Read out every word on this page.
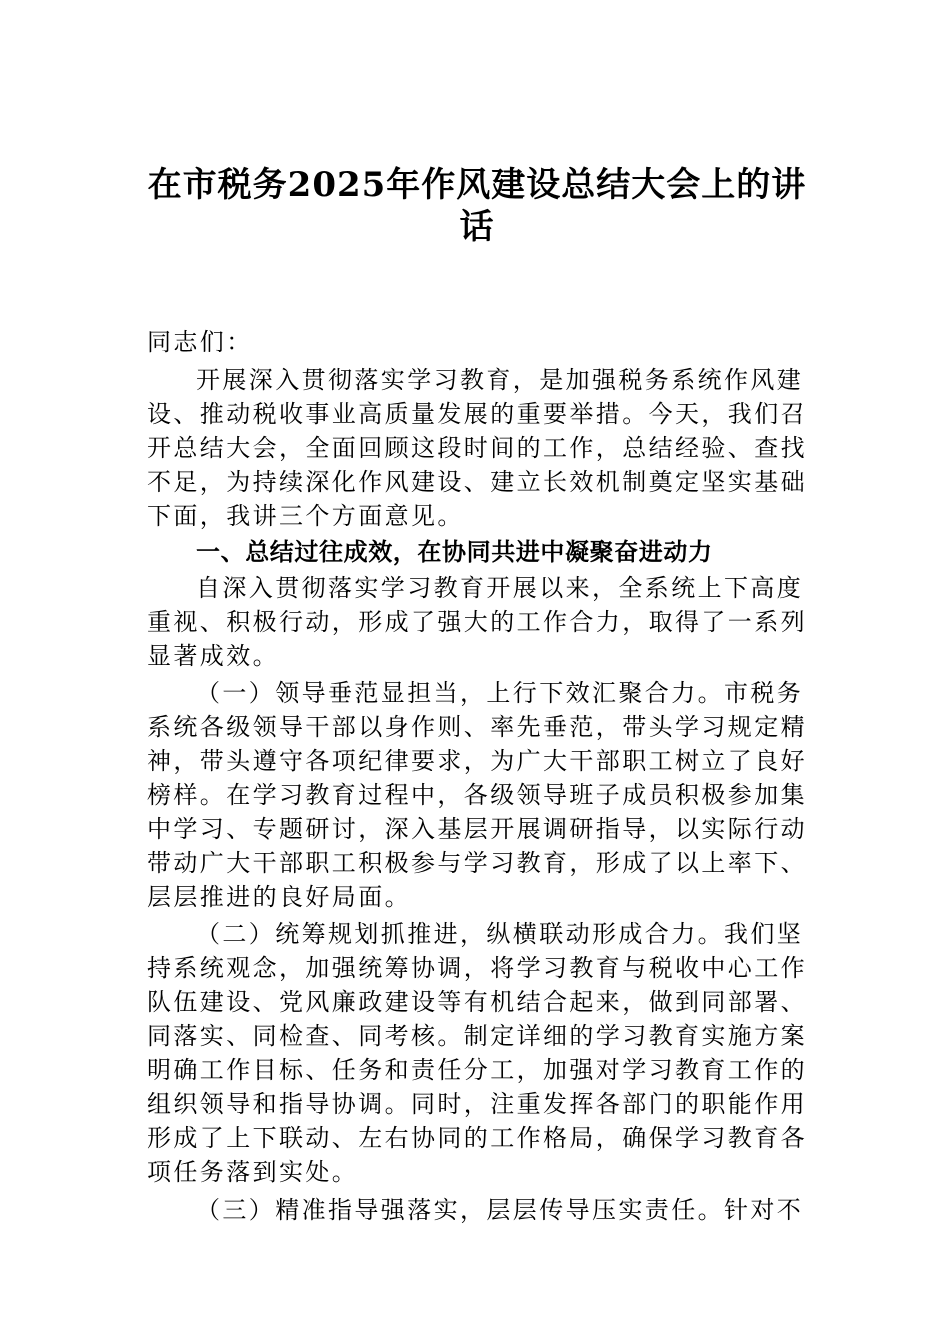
在市税务2025年作风建设总结大会上的讲
话

同志们：

开展深入贯彻落实学习教育，是加强税务系统作风建

设、推动税收事业高质量发展的重要举措。今天，我们召

开总结大会，全面回顾这段时间的工作，总结经验、查找

不足，为持续深化作风建设、建立长效机制奠定坚实基础

下面，我讲三个方面意见。

一、总结过往成效，在协同共进中凝聚奋进动力

自深入贯彻落实学习教育开展以来，全系统上下高度

重视、积极行动，形成了强大的工作合力，取得了一系列

显著成效。

（一）领导垂范显担当，上行下效汇聚合力。市税务

系统各级领导干部以身作则、率先垂范，带头学习规定精

神，带头遵守各项纪律要求，为广大干部职工树立了良好

榜样。在学习教育过程中，各级领导班子成员积极参加集

中学习、专题研讨，深入基层开展调研指导，以实际行动

带动广大干部职工积极参与学习教育，形成了以上率下、

层层推进的良好局面。

（二）统筹规划抓推进，纵横联动形成合力。我们坚

持系统观念，加强统筹协调，将学习教育与税收中心工作

队伍建设、党风廉政建设等有机结合起来，做到同部署、

同落实、同检查、同考核。制定详细的学习教育实施方案

明确工作目标、任务和责任分工，加强对学习教育工作的

组织领导和指导协调。同时，注重发挥各部门的职能作用

形成了上下联动、左右协同的工作格局，确保学习教育各

项任务落到实处。

（三）精准指导强落实，层层传导压实责任。针对不
